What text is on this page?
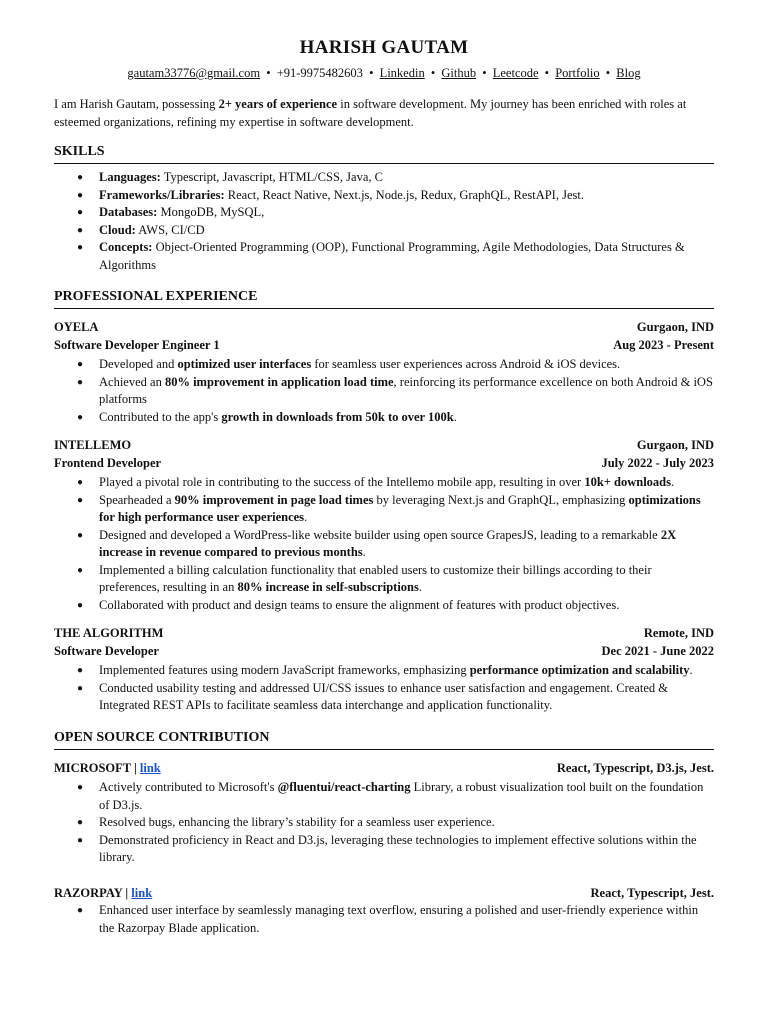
HARISH GAUTAM
gautam33776@gmail.com • +91-9975482603 • Linkedin • Github • Leetcode • Portfolio • Blog
I am Harish Gautam, possessing 2+ years of experience in software development. My journey has been enriched with roles at esteemed organizations, refining my expertise in software development.
SKILLS
● Languages: Typescript, Javascript, HTML/CSS, Java, C
● Frameworks/Libraries: React, React Native, Next.js, Node.js, Redux, GraphQL, RestAPI, Jest.
● Databases: MongoDB, MySQL,
● Cloud: AWS, CI/CD
● Concepts: Object-Oriented Programming (OOP), Functional Programming, Agile Methodologies, Data Structures & Algorithms
PROFESSIONAL EXPERIENCE
OYELA	Gurgaon, IND
Software Developer Engineer 1	Aug 2023 - Present
● Developed and optimized user interfaces for seamless user experiences across Android & iOS devices.
● Achieved an 80% improvement in application load time, reinforcing its performance excellence on both Android & iOS platforms
● Contributed to the app's growth in downloads from 50k to over 100k.
INTELLEMO	Gurgaon, IND
Frontend Developer	July 2022 - July 2023
● Played a pivotal role in contributing to the success of the Intellemo mobile app, resulting in over 10k+ downloads.
● Spearheaded a 90% improvement in page load times by leveraging Next.js and GraphQL, emphasizing optimizations for high performance user experiences.
● Designed and developed a WordPress-like website builder using open source GrapesJS, leading to a remarkable 2X increase in revenue compared to previous months.
● Implemented a billing calculation functionality that enabled users to customize their billings according to their preferences, resulting in an 80% increase in self-subscriptions.
● Collaborated with product and design teams to ensure the alignment of features with product objectives.
THE ALGORITHM	Remote, IND
Software Developer	Dec 2021 - June 2022
● Implemented features using modern JavaScript frameworks, emphasizing performance optimization and scalability.
● Conducted usability testing and addressed UI/CSS issues to enhance user satisfaction and engagement. Created & Integrated REST APIs to facilitate seamless data interchange and application functionality.
OPEN SOURCE CONTRIBUTION
MICROSOFT | link	React, Typescript, D3.js, Jest.
● Actively contributed to Microsoft's @fluentui/react-charting Library, a robust visualization tool built on the foundation of D3.js.
● Resolved bugs, enhancing the library’s stability for a seamless user experience.
● Demonstrated proficiency in React and D3.js, leveraging these technologies to implement effective solutions within the library.
RAZORPAY | link	React, Typescript, Jest.
● Enhanced user interface by seamlessly managing text overflow, ensuring a polished and user-friendly experience within the Razorpay Blade application.
